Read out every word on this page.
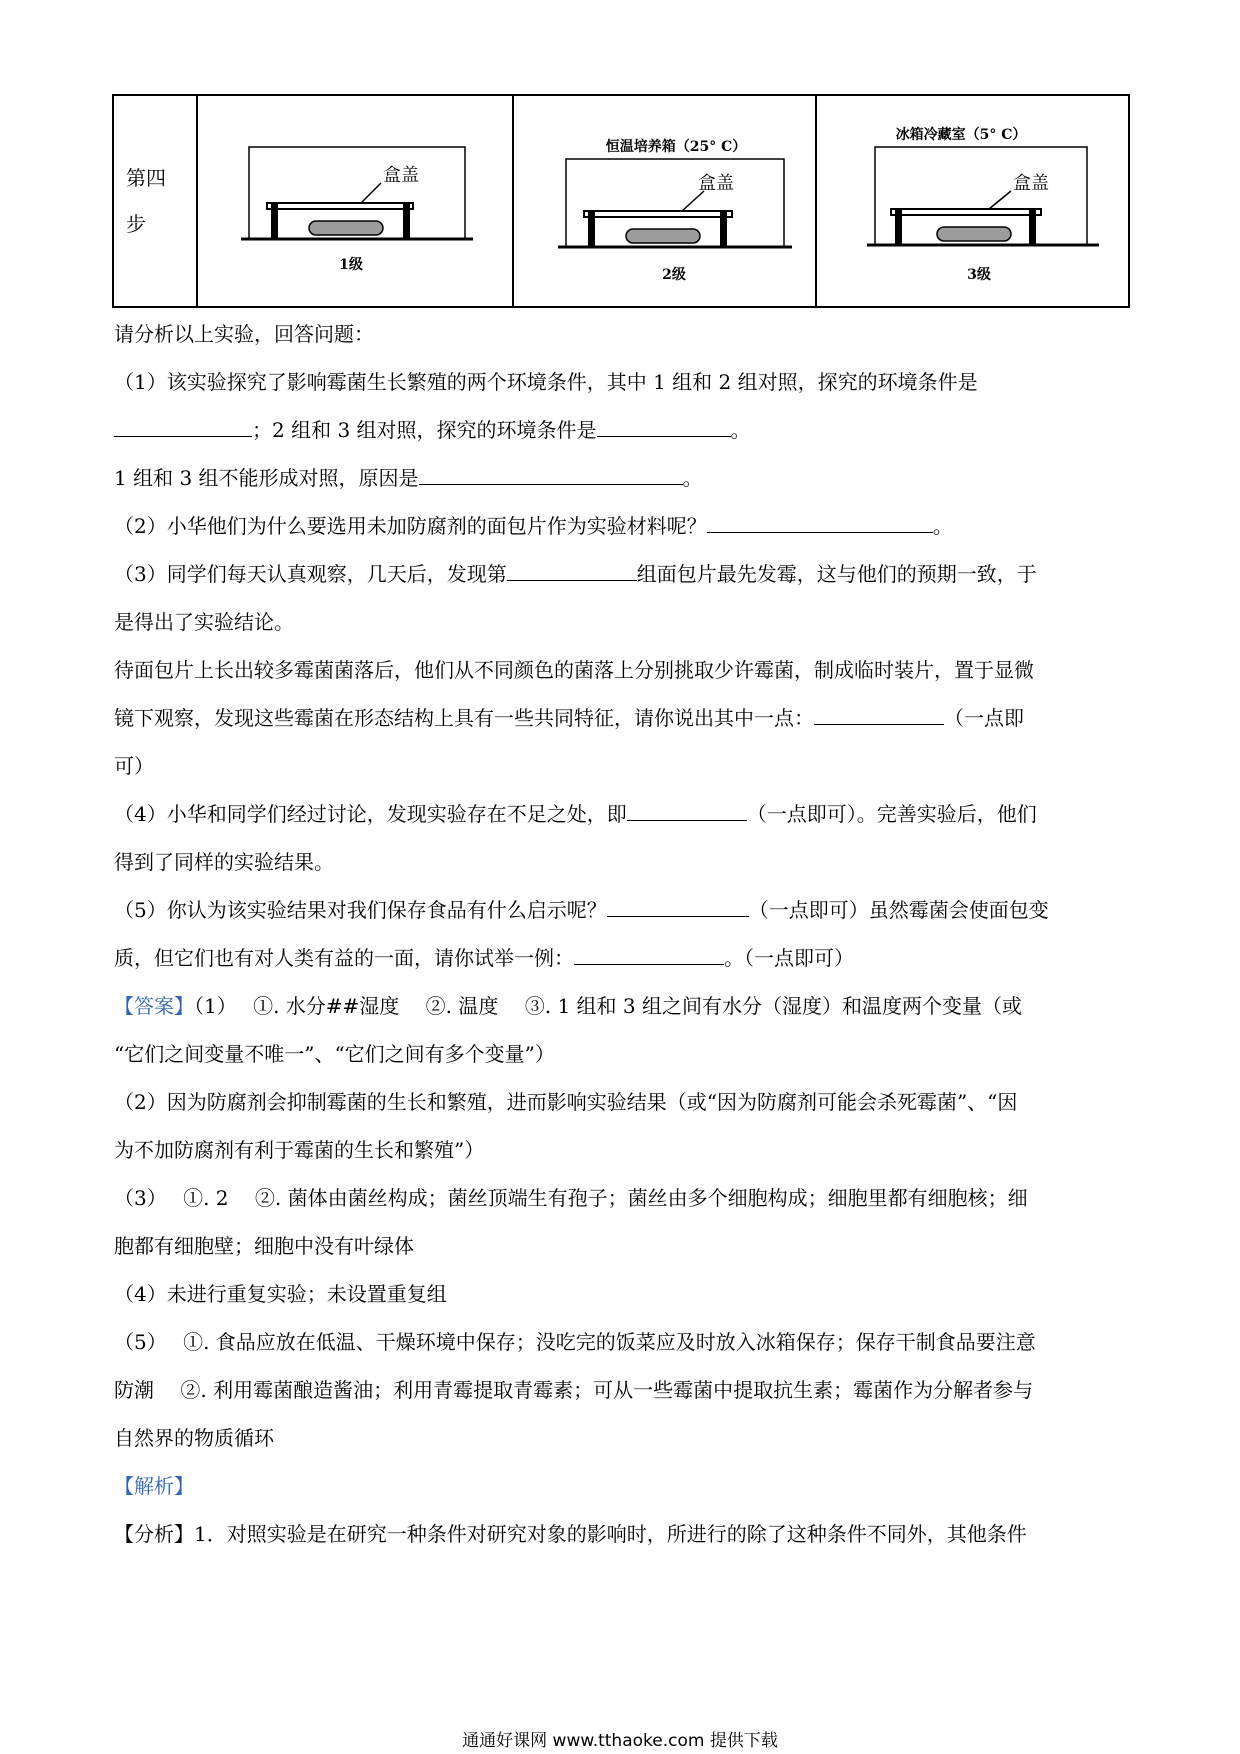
第四步	
盒盖
1级

恒温培养箱（25° C）
盒盖
2级

冰箱冷藏室（5° C）
盒盖
3级
请分析以上实验，回答问题：
（1）该实验探究了影响霉菌生长繁殖的两个环境条件，其中 1 组和 2 组对照，探究的环境条件是
；2 组和 3 组对照，探究的环境条件是	。
1 组和 3 组不能形成对照，原因是	。
（2）小华他们为什么要选用未加防腐剂的面包片作为实验材料呢？	。
（3）同学们每天认真观察，几天后，发现第	组面包片最先发霉，这与他们的预期一致，于
是得出了实验结论。
待面包片上长出较多霉菌菌落后，他们从不同颜色的菌落上分别挑取少许霉菌，制成临时装片，置于显微
镜下观察，发现这些霉菌在形态结构上具有一些共同特征，请你说出其中一点：	（一点即
可）
（4）小华和同学们经过讨论，发现实验存在不足之处，即	（一点即可）。完善实验后，他们
得到了同样的实验结果。
（5）你认为该实验结果对我们保存食品有什么启示呢？	（一点即可）虽然霉菌会使面包变
质，但它们也有对人类有益的一面，请你试举一例：	。（一点即可）
【答案】（1）　 ①. 水分##湿度　 ②. 温度　 ③. 1 组和 3 组之间有水分（湿度）和温度两个变量（或
“它们之间变量不唯一”、“它们之间有多个变量”）
（2）因为防腐剂会抑制霉菌的生长和繁殖，进而影响实验结果（或“因为防腐剂可能会杀死霉菌”、“因
为不加防腐剂有利于霉菌的生长和繁殖”）
（3）　 ①. 2　 ②. 菌体由菌丝构成；菌丝顶端生有孢子；菌丝由多个细胞构成；细胞里都有细胞核；细
胞都有细胞壁；细胞中没有叶绿体
（4）未进行重复实验；未设置重复组
（5）　 ①. 食品应放在低温、干燥环境中保存；没吃完的饭菜应及时放入冰箱保存；保存干制食品要注意
防潮　 ②. 利用霉菌酿造酱油；利用青霉提取青霉素；可从一些霉菌中提取抗生素；霉菌作为分解者参与
自然界的物质循环
【解析】
【分析】1．对照实验是在研究一种条件对研究对象的影响时，所进行的除了这种条件不同外，其他条件
通通好课网 www.tthaoke.com 提供下载
